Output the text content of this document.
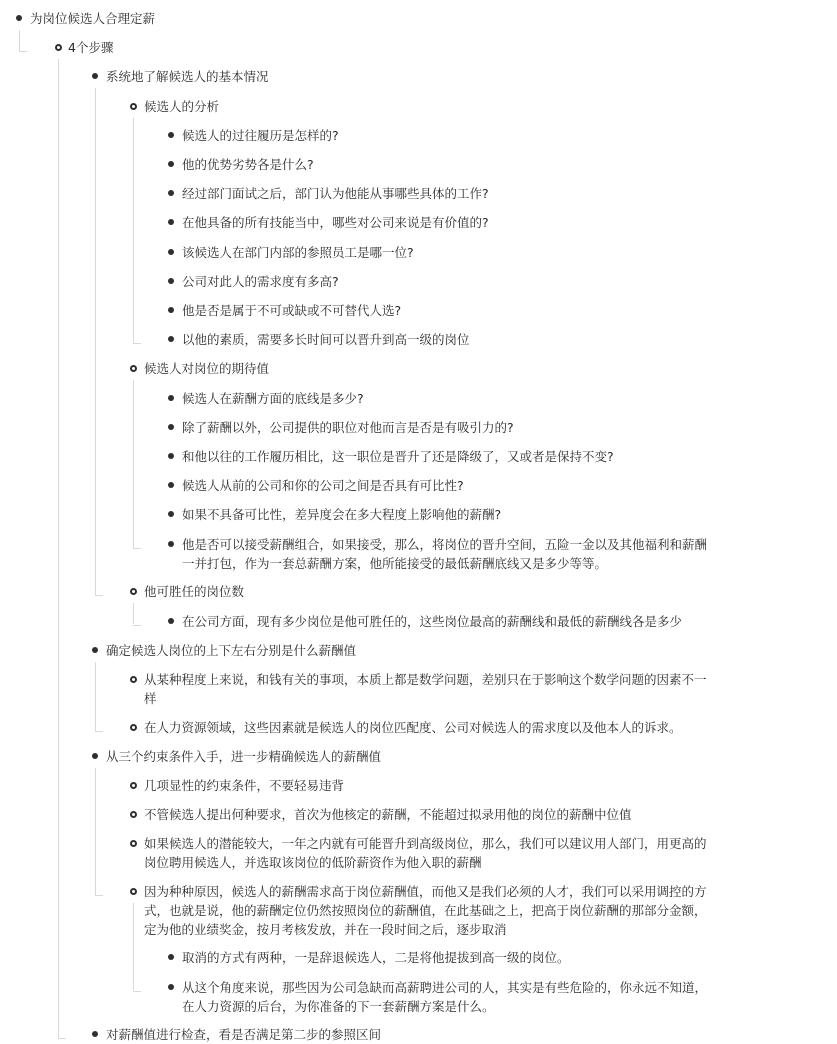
为岗位候选人合理定薪
4个步骤
系统地了解候选人的基本情况
候选人的分析
候选人的过往履历是怎样的?
他的优势劣势各是什么?
经过部门面试之后，部门认为他能从事哪些具体的工作?
在他具备的所有技能当中，哪些对公司来说是有价值的?
该候选人在部门内部的参照员工是哪一位?
公司对此人的需求度有多高?
他是否是属于不可或缺或不可替代人选?
以他的素质，需要多长时间可以晋升到高一级的岗位
候选人对岗位的期待值
候选人在薪酬方面的底线是多少?
除了薪酬以外，公司提供的职位对他而言是否是有吸引力的?
和他以往的工作履历相比，这一职位是晋升了还是降级了，又或者是保持不变?
候选人从前的公司和你的公司之间是否具有可比性?
如果不具备可比性，差异度会在多大程度上影响他的薪酬?
他是否可以接受薪酬组合，如果接受，那么，将岗位的晋升空间，五险一金以及其他福利和薪酬一并打包，作为一套总薪酬方案，他所能接受的最低薪酬底线又是多少等等。
他可胜任的岗位数
在公司方面，现有多少岗位是他可胜任的，这些岗位最高的薪酬线和最低的薪酬线各是多少
确定候选人岗位的上下左右分别是什么薪酬值
从某种程度上来说，和钱有关的事项，本质上都是数学问题，差别只在于影响这个数学问题的因素不一样
在人力资源领域，这些因素就是候选人的岗位匹配度、公司对候选人的需求度以及他本人的诉求。
从三个约束条件入手，进一步精确候选人的薪酬值
几项显性的约束条件，不要轻易违背
不管候选人提出何种要求，首次为他核定的薪酬，不能超过拟录用他的岗位的薪酬中位值
如果候选人的潜能较大，一年之内就有可能晋升到高级岗位，那么，我们可以建议用人部门，用更高的岗位聘用候选人，并选取该岗位的低阶薪资作为他入职的薪酬
因为种种原因，候选人的薪酬需求高于岗位薪酬值，而他又是我们必须的人才，我们可以采用调控的方式，也就是说，他的薪酬定位仍然按照岗位的薪酬值，在此基础之上，把高于岗位薪酬的那部分金额，定为他的业绩奖金，按月考核发放，并在一段时间之后，逐步取消
取消的方式有两种，一是辞退候选人，二是将他提拔到高一级的岗位。
从这个角度来说，那些因为公司急缺而高薪聘进公司的人，其实是有些危险的，你永远不知道，在人力资源的后台，为你准备的下一套薪酬方案是什么。
对薪酬值进行检查，看是否满足第二步的参照区间
